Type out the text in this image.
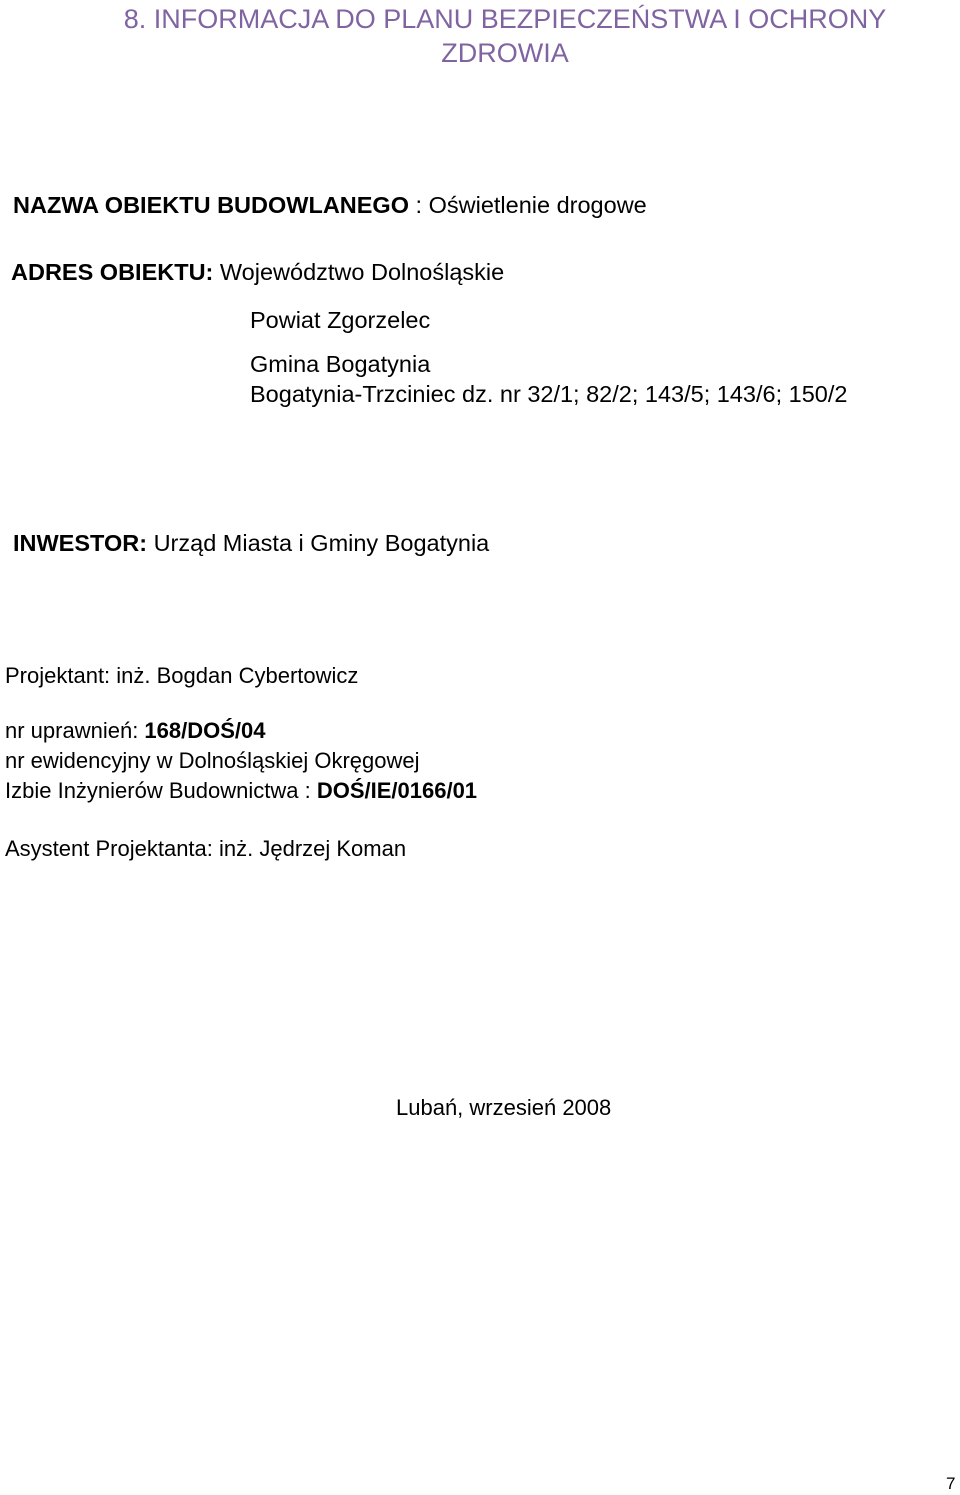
8. INFORMACJA DO PLANU BEZPIECZEŃSTWA I OCHRONY
ZDROWIA
NAZWA OBIEKTU BUDOWLANEGO : Oświetlenie drogowe
ADRES OBIEKTU: Województwo Dolnośląskie
Powiat Zgorzelec
Gmina Bogatynia
Bogatynia-Trzciniec dz. nr 32/1; 82/2; 143/5; 143/6; 150/2
INWESTOR: Urząd Miasta i Gminy Bogatynia
Projektant: inż. Bogdan Cybertowicz
nr uprawnień: 168/DOŚ/04
nr ewidencyjny w Dolnośląskiej Okręgowej
Izbie Inżynierów Budownictwa : DOŚ/IE/0166/01
Asystent Projektanta: inż. Jędrzej Koman
Lubań, wrzesień 2008
7
